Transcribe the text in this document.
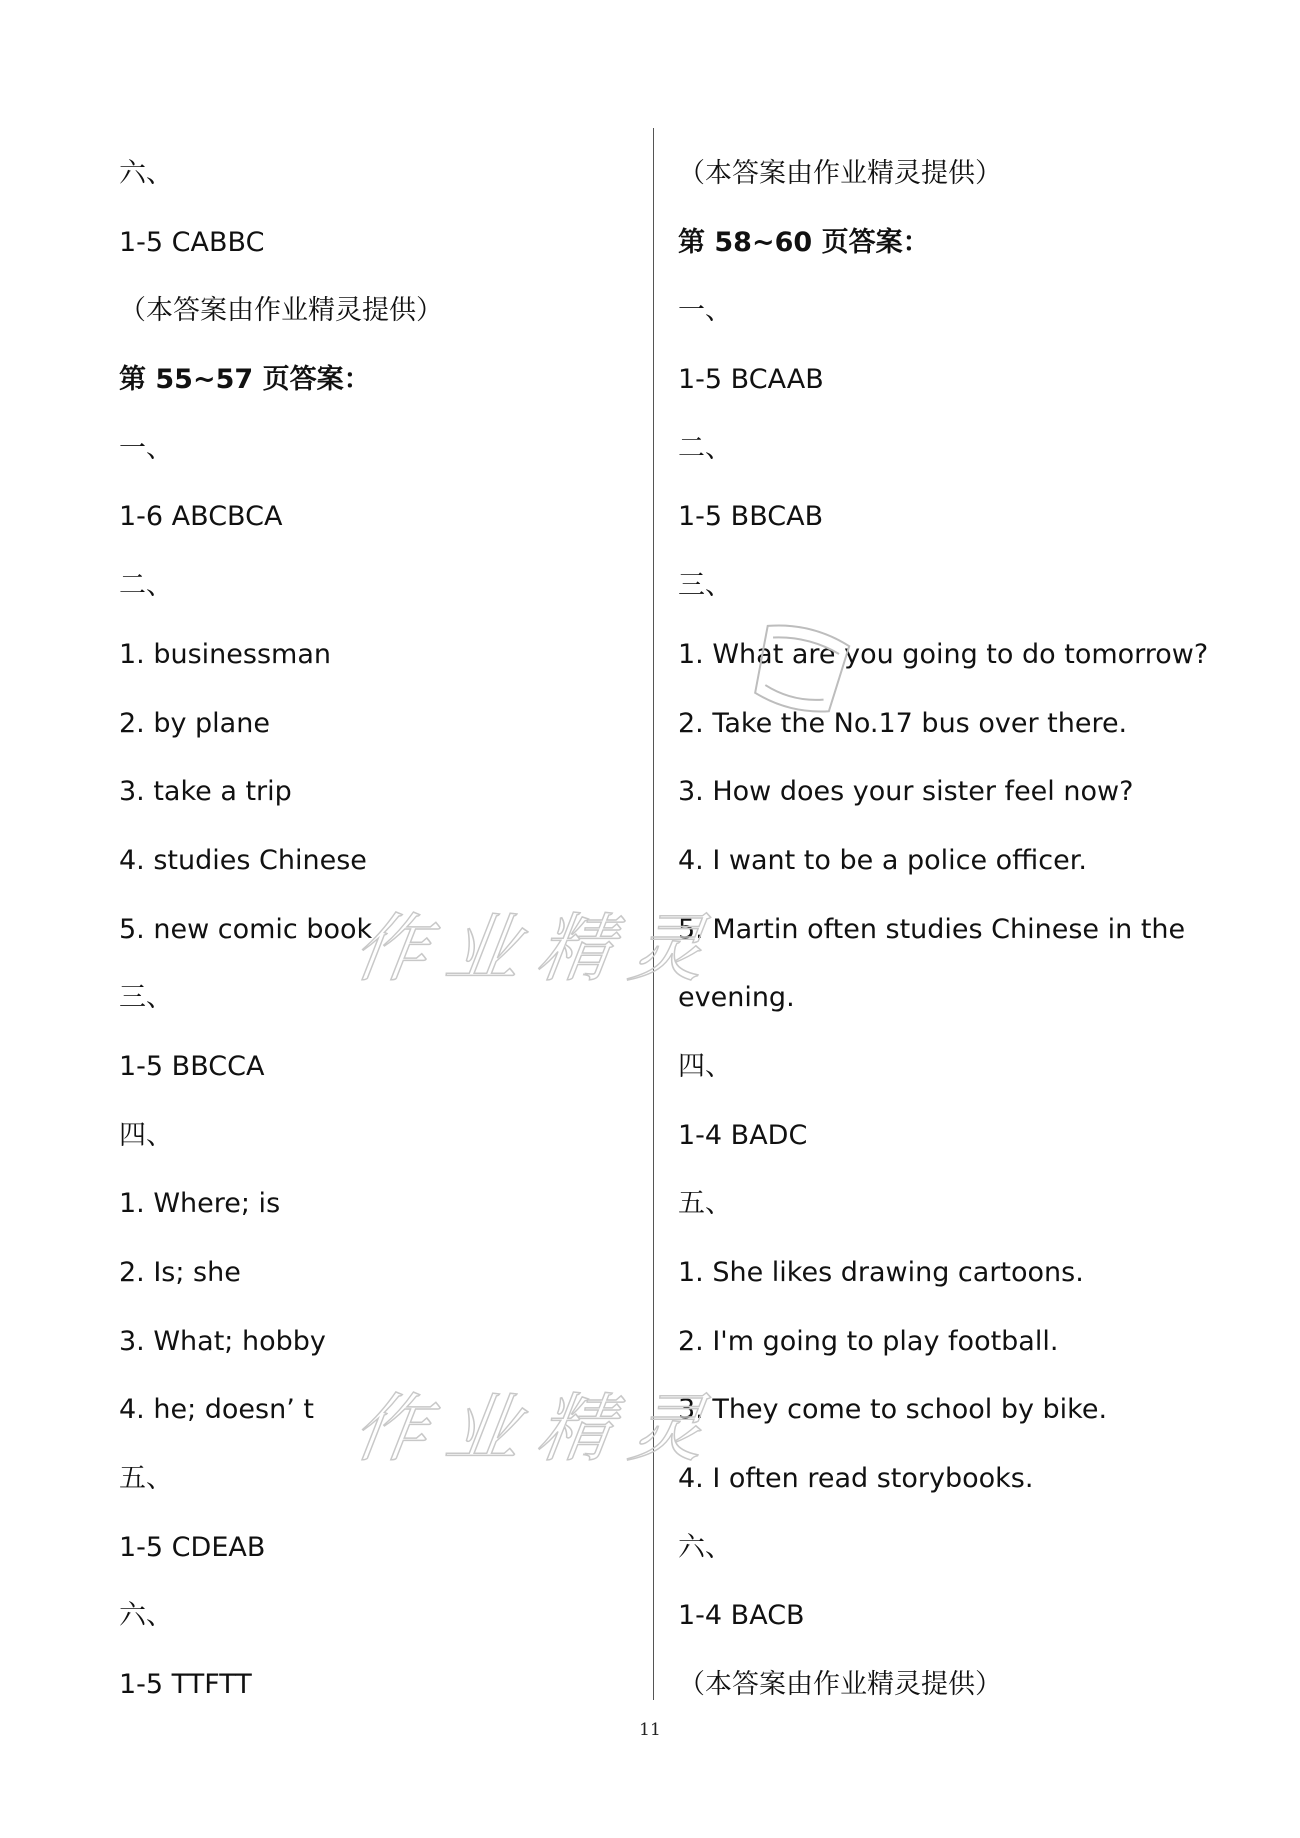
六、
1-5 CABBC
（本答案由作业精灵提供）
第 55~57 页答案：
一、
1-6 ABCBCA
二、
1. businessman
2. by plane
3. take a trip
4. studies Chinese
5. new comic book
三、
1-5 BBCCA
四、
1. Where; is
2. Is; she
3. What; hobby
4. he; doesn’ t
五、
1-5 CDEAB
六、
1-5 TTFTT
（本答案由作业精灵提供）
第 58~60 页答案：
一、
1-5 BCAAB
二、
1-5 BBCAB
三、
1. What are you going to do tomorrow?
2. Take the No.17 bus over there.
3. How does your sister feel now?
4. I want to be a police officer.
5. Martin often studies Chinese in the
evening.
四、
1-4 BADC
五、
1. She likes drawing cartoons.
2. I'm going to play football.
3. They come to school by bike.
4. I often read storybooks.
六、
1-4 BACB
（本答案由作业精灵提供）
作业精灵
作业精灵
11
